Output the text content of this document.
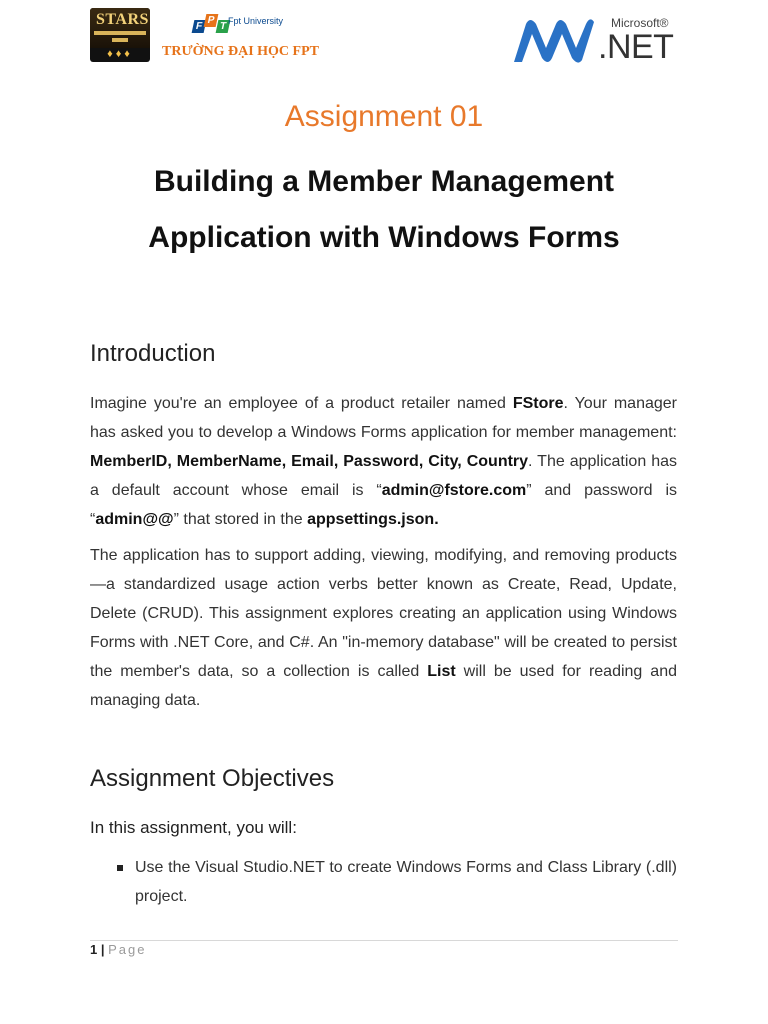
STARS
♦♦♦
F
P
T Fpt University
TRƯỜNG ĐẠI HỌC FPT
Microsoft®
.NET
Assignment 01
Building a Member Management
Application with Windows Forms
Introduction

Imagine you're an employee of a product retailer named FStore. Your manager has asked you to develop a Windows Forms application for member management: MemberID, MemberName, Email, Password, City, Country. The application has a default account whose email is “admin@fstore.com” and password is “admin@@” that stored in the appsettings.json.

The application has to support adding, viewing, modifying, and removing products—a standardized usage action verbs better known as Create, Read, Update, Delete (CRUD). This assignment explores creating an application using Windows Forms with .NET Core, and C#. An "in-memory database" will be created to persist the member's data, so a collection is called List will be used for reading and managing data.

Assignment Objectives
In this assignment, you will:
Use the Visual Studio.NET to create Windows Forms and Class Library (.dll) project.
1 | Page
